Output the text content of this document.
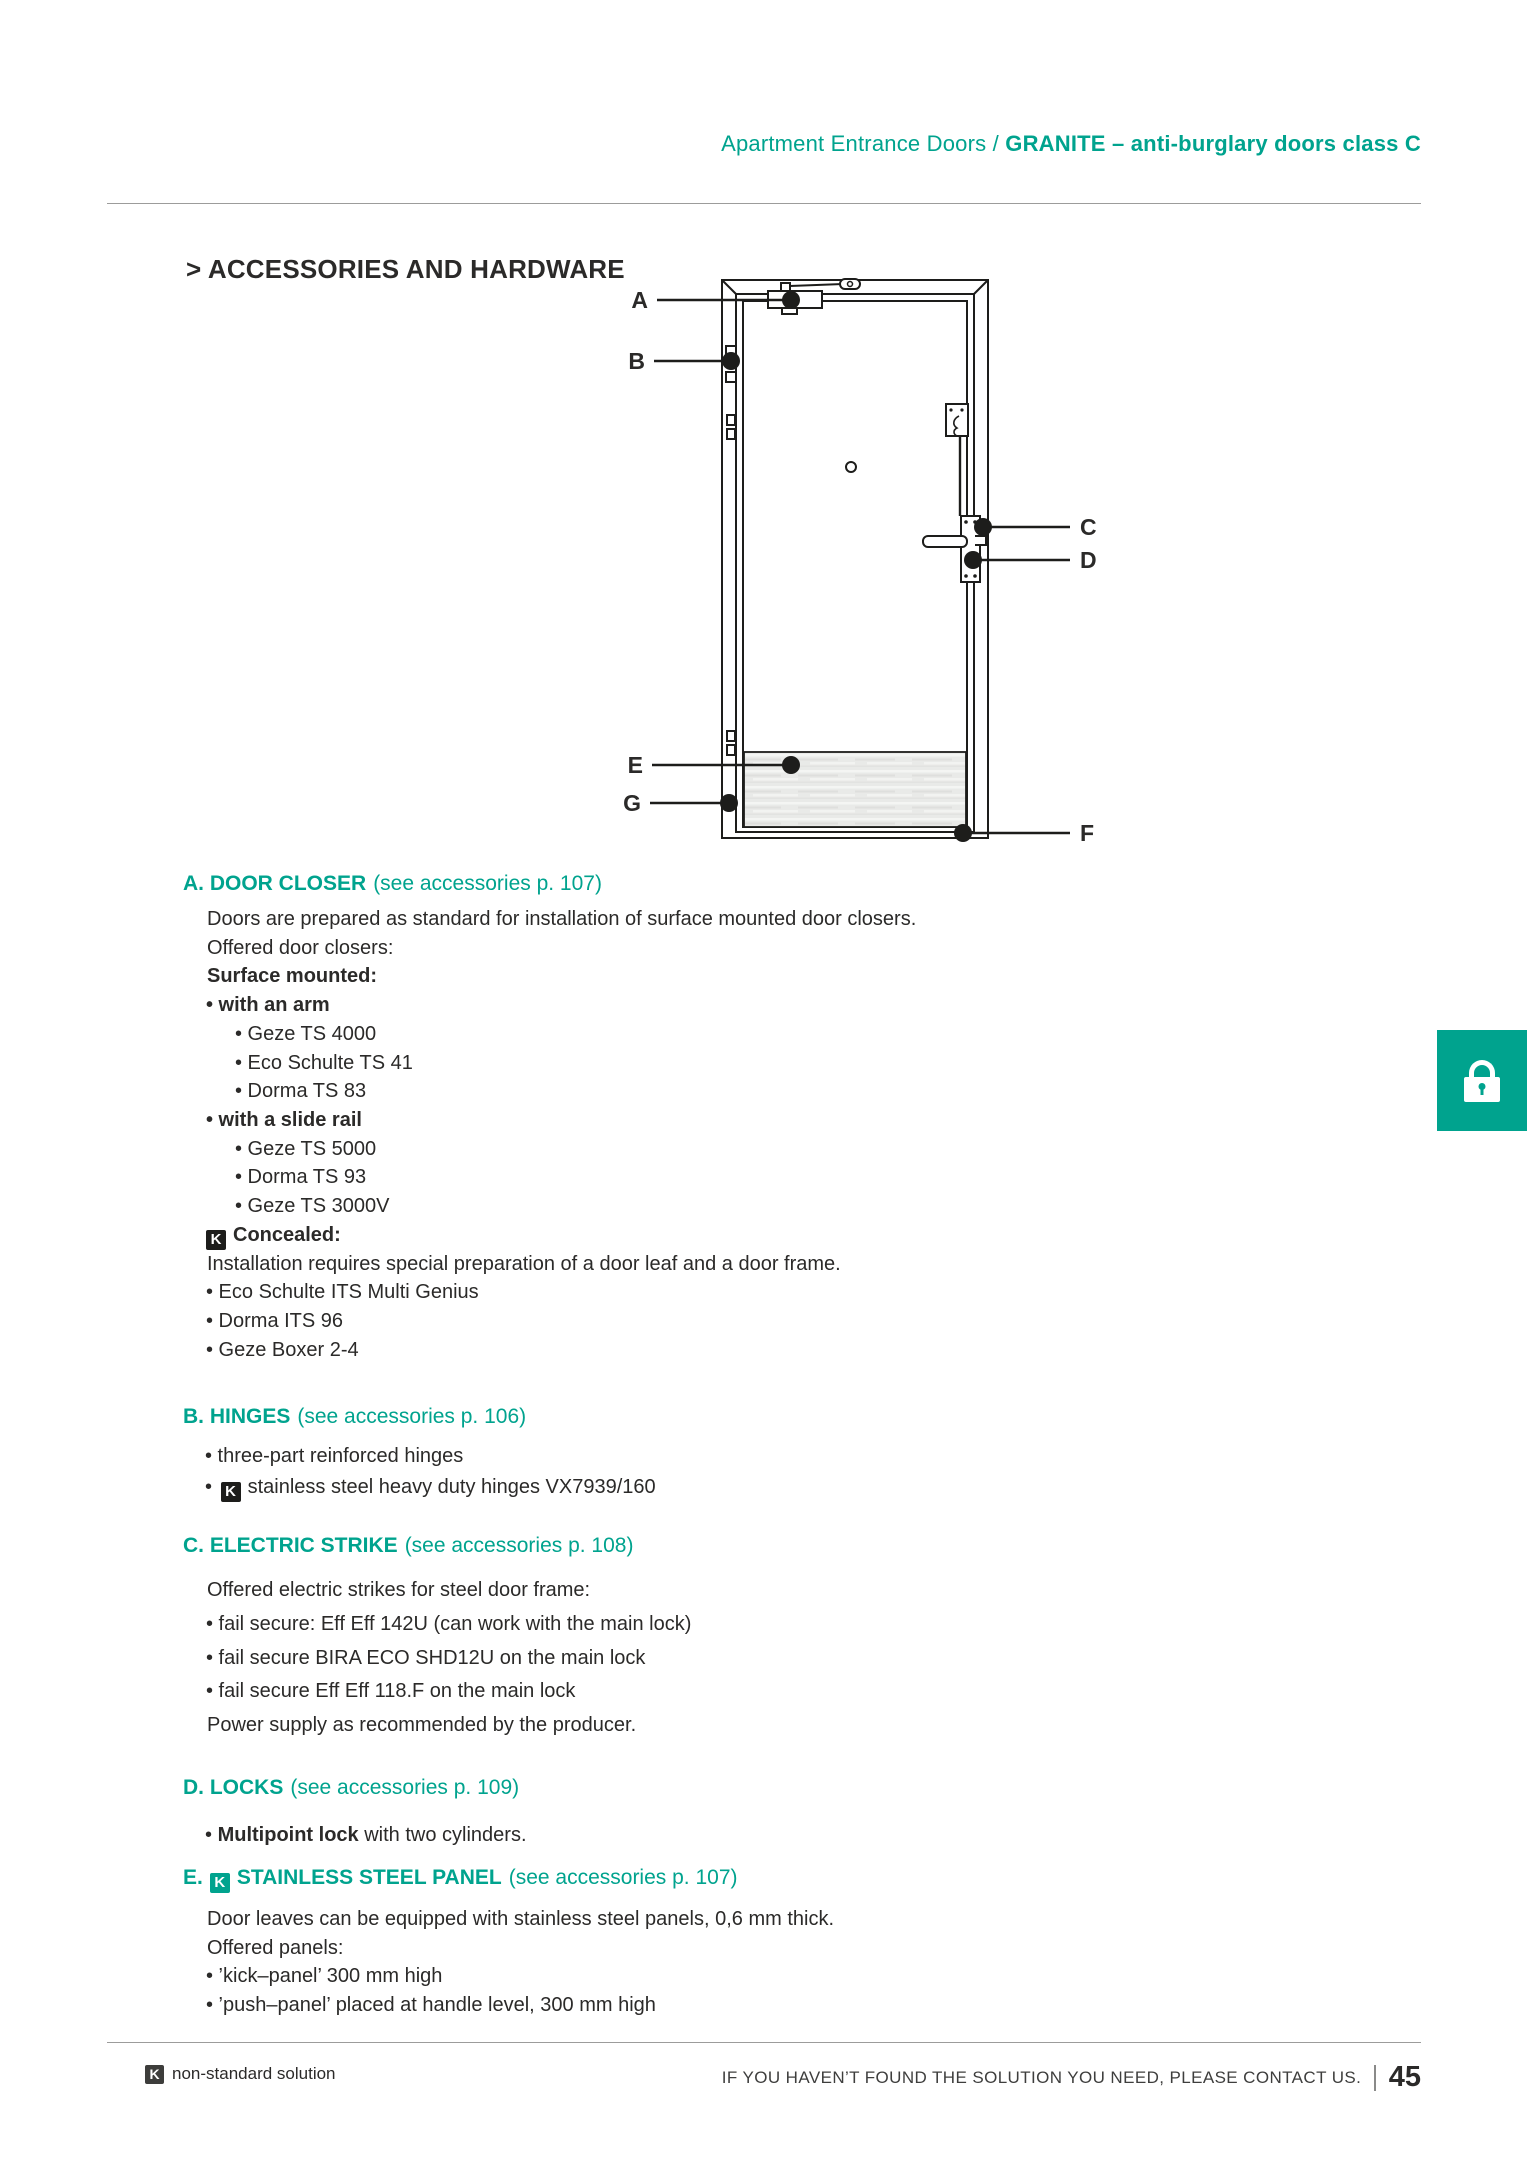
Apartment Entrance Doors / GRANITE – anti-burglary doors class C
> ACCESSORIES AND HARDWARE
A
B
C
D
E
G
F
A. DOOR CLOSER (see accessories p. 107)
Doors are prepared as standard for installation of surface mounted door closers.
Offered door closers:
Surface mounted:
• with an arm
• Geze TS 4000
• Eco Schulte TS 41
• Dorma TS 83
• with a slide rail
• Geze TS 5000
• Dorma TS 93
• Geze TS 3000V
K Concealed:
Installation requires special preparation of a door leaf and a door frame.
• Eco Schulte ITS Multi Genius
• Dorma ITS 96
• Geze Boxer 2-4
B. HINGES (see accessories p. 106)
• three-part reinforced hinges
• K stainless steel heavy duty hinges VX7939/160
C. ELECTRIC STRIKE (see accessories p. 108)
Offered electric strikes for steel door frame:
• fail secure: Eff Eff 142U (can work with the main lock)
• fail secure BIRA ECO SHD12U on the main lock
• fail secure Eff Eff 118.F on the main lock
Power supply as recommended by the producer.
D. LOCKS (see accessories p. 109)
• Multipoint lock with two cylinders.
E. K STAINLESS STEEL PANEL (see accessories p. 107)
Door leaves can be equipped with stainless steel panels, 0,6 mm thick.
Offered panels:
• ’kick–panel’ 300 mm high
• ’push–panel’ placed at handle level, 300 mm high
K non-standard solution	IF YOU HAVEN’T FOUND THE SOLUTION YOU NEED, PLEASE CONTACT US. 45
